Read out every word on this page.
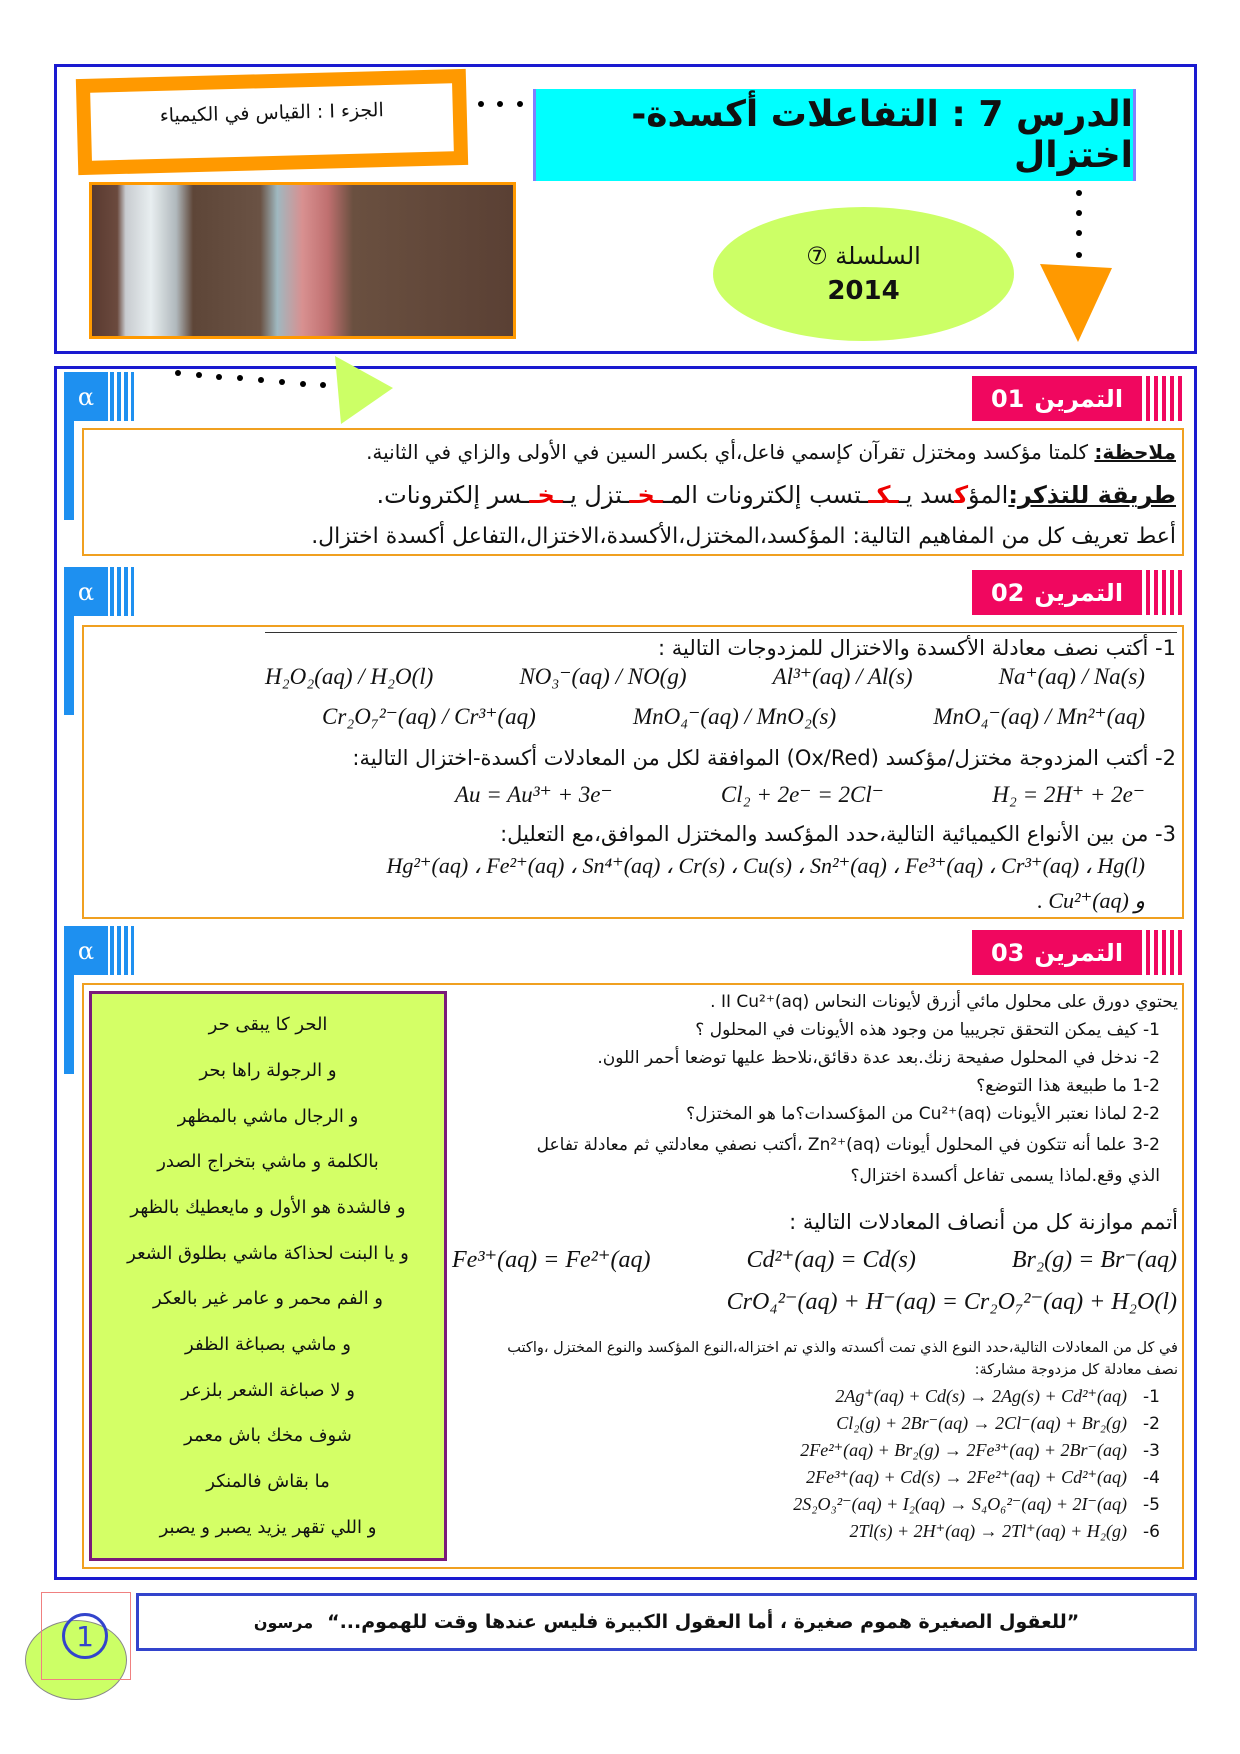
الجزء I : القياس في الكيمياء	الدرس 7 : التفاعلات أكسدة-اختزال
السلسلة ⑦
2014
α	التمرين
01
ملاحظة: كلمتا مؤكسد ومختزل تقرآن كإسمي فاعل،أي بكسر السين في الأولى والزاي في الثانية.
طريقة للتذكر:المؤكسد يــكــتسب إلكترونات المــخــتزل يــخــسر إلكترونات.
أعط تعريف كل من المفاهيم التالية: المؤكسد،المختزل،الأكسدة،الاختزال،التفاعل أكسدة اختزال.
α	التمرين
02
1- أكتب نصف معادلة الأكسدة والاختزال للمزدوجات التالية :
Na⁺(aq) / Na(s)
Al³⁺(aq) / Al(s)
NO₃⁻(aq) / NO(g)
H₂O₂(aq) / H₂O(l)
MnO₄⁻(aq) / Mn²⁺(aq)
MnO₄⁻(aq) / MnO₂(s)
Cr₂O₇²⁻(aq) / Cr³⁺(aq)
2- أكتب المزدوجة مختزل/مؤكسد (Ox/Red) الموافقة لكل من المعادلات أكسدة-اختزال التالية:
H₂ = 2H⁺ + 2e⁻
Cl₂ + 2e⁻ = 2Cl⁻
Au = Au³⁺ + 3e⁻
3- من بين الأنواع الكيميائية التالية،حدد المؤكسد والمختزل الموافق،مع التعليل:
Hg²⁺(aq) ، Fe²⁺(aq) ، Sn⁴⁺(aq) ، Cr(s) ، Cu(s) ، Sn²⁺(aq) ، Fe³⁺(aq) ، Cr³⁺(aq) ، Hg(l)
و Cu²⁺(aq) .
α	التمرين
03
الحر كا يبقى حر
و الرجولة راها بحر
و الرجال ماشي بالمظهر
بالكلمة و ماشي بتخراج الصدر
و فالشدة هو الأول و مايعطيك بالظهر
و يا البنت لحذاكة ماشي بطلوق الشعر
و الفم محمر و عامر غير بالعكر
و ماشي بصباغة الظفر
و لا صباغة الشعر بلزعر
شوف مخك باش معمر
ما بقاش فالمنكر
و اللي تقهر يزيد يصبر و يصبر
يحتوي دورق على محلول مائي أزرق لأيونات النحاس II Cu²⁺(aq) .
1- كيف يمكن التحقق تجريبيا من وجود هذه الأيونات في المحلول ؟
2- ندخل في المحلول صفيحة زنك.بعد عدة دقائق،نلاحظ عليها توضعا أحمر اللون.
1-2 ما طبيعة هذا التوضع؟
2-2 لماذا نعتبر الأيونات Cu²⁺(aq) من المؤكسدات؟ما هو المختزل؟
3-2 علما أنه تتكون في المحلول أيونات Zn²⁺(aq) ،أكتب نصفي معادلتي ثم معادلة تفاعل
الذي وقع.لماذا يسمى تفاعل أكسدة اختزال؟
أتمم موازنة كل من أنصاف المعادلات التالية :
Br₂(g) = Br⁻(aq)
Cd²⁺(aq) = Cd(s)
Fe³⁺(aq) = Fe²⁺(aq)
CrO₄²⁻(aq) + H⁻(aq) = Cr₂O₇²⁻(aq) + H₂O(l)
في كل من المعادلات التالية،حدد النوع الذي تمت أكسدته والذي تم اختزاله،النوع المؤكسد والنوع المختزل ،واكتب
نصف معادلة كل مزدوجة مشاركة:
2Ag⁺(aq) + Cd(s) → 2Ag(s) + Cd²⁺(aq) -1
Cl₂(g) + 2Br⁻(aq) → 2Cl⁻(aq) + Br₂(g) -2
2Fe²⁺(aq) + Br₂(g) → 2Fe³⁺(aq) + 2Br⁻(aq) -3
2Fe³⁺(aq) + Cd(s) → 2Fe²⁺(aq) + Cd²⁺(aq) -4
2S₂O₃²⁻(aq) + I₂(aq) → S₄O₆²⁻(aq) + 2I⁻(aq) -5
2Tl(s) + 2H⁺(aq) → 2Tl⁺(aq) + H₂(g) -6
1	”للعقول الصغيرة هموم صغيرة ، أما العقول الكبيرة فليس عندها وقت للهموم...“
مرسون
